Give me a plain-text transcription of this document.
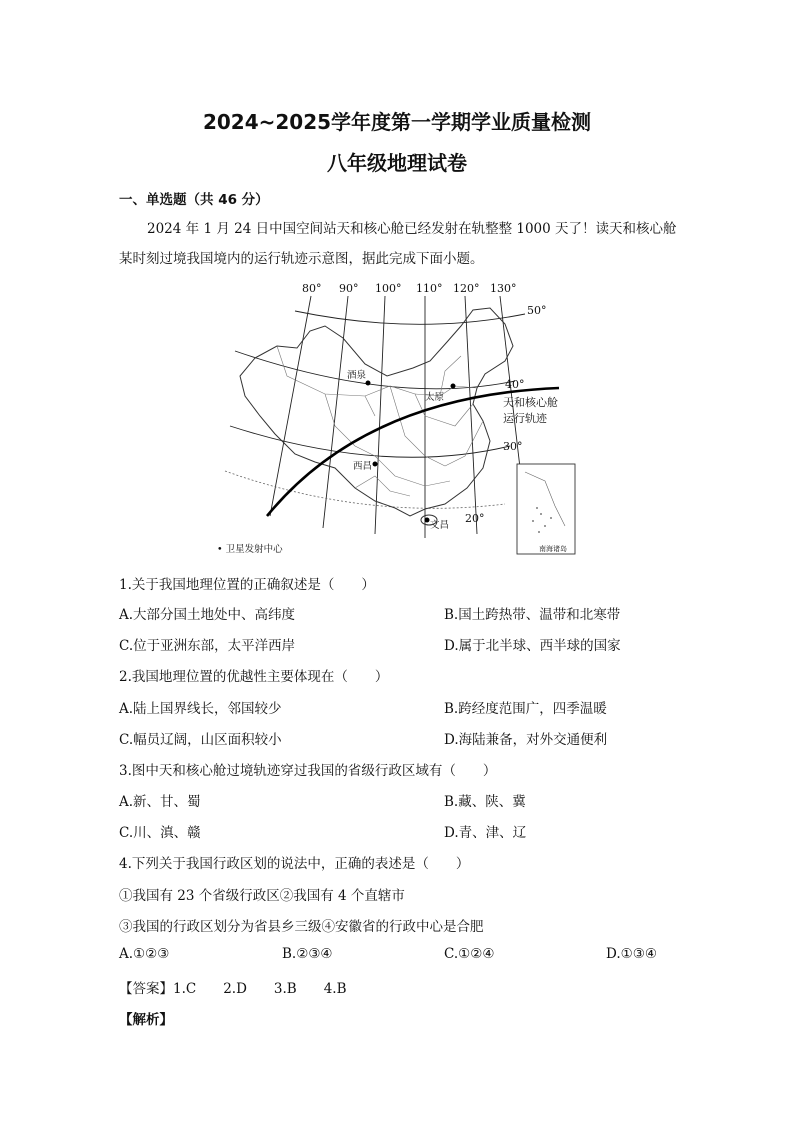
2024~2025学年度第一学期学业质量检测
八年级地理试卷
一、单选题（共 46 分）
2024 年 1 月 24 日中国空间站天和核心舱已经发射在轨整整 1000 天了！读天和核心舱
某时刻过境我国境内的运行轨迹示意图，据此完成下面小题。
80° 90° 100° 110° 120° 130°
50°
40°
30°
20°
酒泉
太原
西昌
文昌
天和核心舱
运行轨迹
南海诸岛
• 卫星发射中心
1.关于我国地理位置的正确叙述是（　　）
A.大部分国土地处中、高纬度	B.国土跨热带、温带和北寒带
C.位于亚洲东部，太平洋西岸	D.属于北半球、西半球的国家
2.我国地理位置的优越性主要体现在（　　）
A.陆上国界线长，邻国较少	B.跨经度范围广，四季温暖
C.幅员辽阔，山区面积较小	D.海陆兼备，对外交通便利
3.图中天和核心舱过境轨迹穿过我国的省级行政区域有（　　）
A.新、甘、蜀	B.藏、陕、冀
C.川、滇、赣	D.青、津、辽
4.下列关于我国行政区划的说法中，正确的表述是（　　）
①我国有 23 个省级行政区②我国有 4 个直辖市
③我国的行政区划分为省县乡三级④安徽省的行政中心是合肥
A.①②③	B.②③④	C.①②④	D.①③④
【答案】1.C　　2.D　　3.B　　4.B
【解析】
